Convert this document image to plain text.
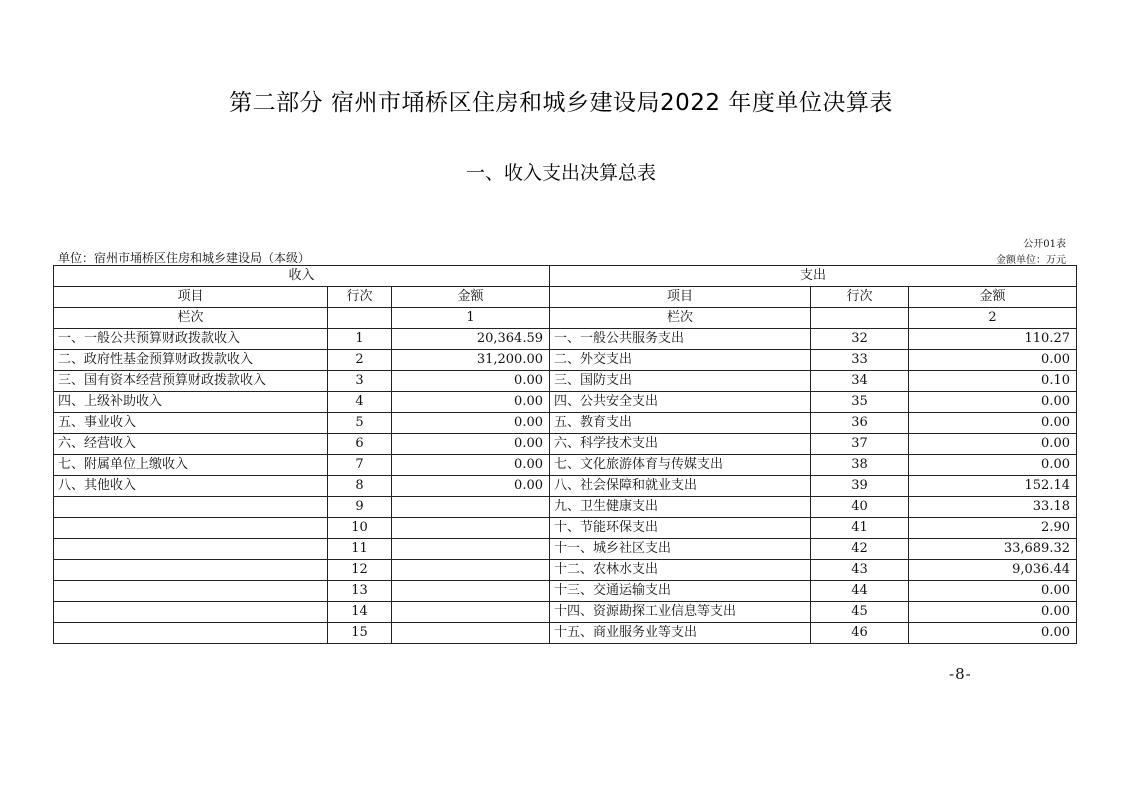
第二部分 宿州市埇桥区住房和城乡建设局2022 年度单位决算表
一、收入支出决算总表
公开01表
单位：宿州市埇桥区住房和城乡建设局（本级）	金额单位：万元
收入			支出		
项目	行次	金额	项目	行次	金额
栏次		1	栏次		2
一、一般公共预算财政拨款收入	1	20,364.59	一、一般公共服务支出	32	110.27
二、政府性基金预算财政拨款收入	2	31,200.00	二、外交支出	33	0.00
三、国有资本经营预算财政拨款收入	3	0.00	三、国防支出	34	0.10
四、上级补助收入	4	0.00	四、公共安全支出	35	0.00
五、事业收入	5	0.00	五、教育支出	36	0.00
六、经营收入	6	0.00	六、科学技术支出	37	0.00
七、附属单位上缴收入	7	0.00	七、文化旅游体育与传媒支出	38	0.00
八、其他收入	8	0.00	八、社会保障和就业支出	39	152.14
	9		九、卫生健康支出	40	33.18
	10		十、节能环保支出	41	2.90
	11		十一、城乡社区支出	42	33,689.32
	12		十二、农林水支出	43	9,036.44
	13		十三、交通运输支出	44	0.00
	14		十四、资源勘探工业信息等支出	45	0.00
	15		十五、商业服务业等支出	46	0.00
-8-
